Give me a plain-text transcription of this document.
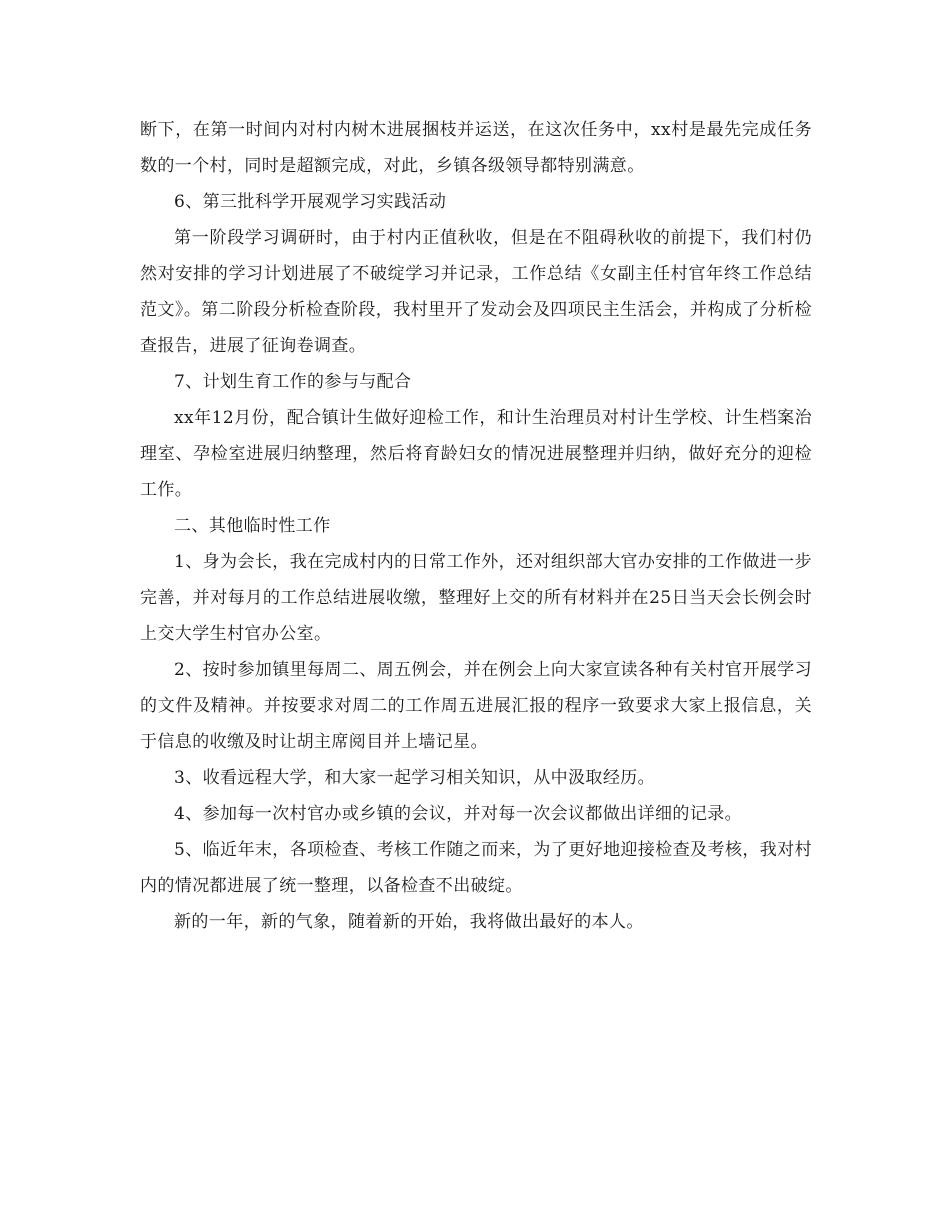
断下，在第一时间内对村内树木进展捆枝并运送，在这次任务中，xx村是最先完成任务数的一个村，同时是超额完成，对此，乡镇各级领导都特别满意。

6、第三批科学开展观学习实践活动

第一阶段学习调研时，由于村内正值秋收，但是在不阻碍秋收的前提下，我们村仍然对安排的学习计划进展了不破绽学习并记录，工作总结《女副主任村官年终工作总结范文》。第二阶段分析检查阶段，我村里开了发动会及四项民主生活会，并构成了分析检查报告，进展了征询卷调查。

7、计划生育工作的参与与配合

xx年12月份，配合镇计生做好迎检工作，和计生治理员对村计生学校、计生档案治理室、孕检室进展归纳整理，然后将育龄妇女的情况进展整理并归纳，做好充分的迎检工作。

二、其他临时性工作

1、身为会长，我在完成村内的日常工作外，还对组织部大官办安排的工作做进一步完善，并对每月的工作总结进展收缴，整理好上交的所有材料并在25日当天会长例会时上交大学生村官办公室。

2、按时参加镇里每周二、周五例会，并在例会上向大家宣读各种有关村官开展学习的文件及精神。并按要求对周二的工作周五进展汇报的程序一致要求大家上报信息，关于信息的收缴及时让胡主席阅目并上墙记星。

3、收看远程大学，和大家一起学习相关知识，从中汲取经历。

4、参加每一次村官办或乡镇的会议，并对每一次会议都做出详细的记录。

5、临近年末，各项检查、考核工作随之而来，为了更好地迎接检查及考核，我对村内的情况都进展了统一整理，以备检查不出破绽。

新的一年，新的气象，随着新的开始，我将做出最好的本人。
